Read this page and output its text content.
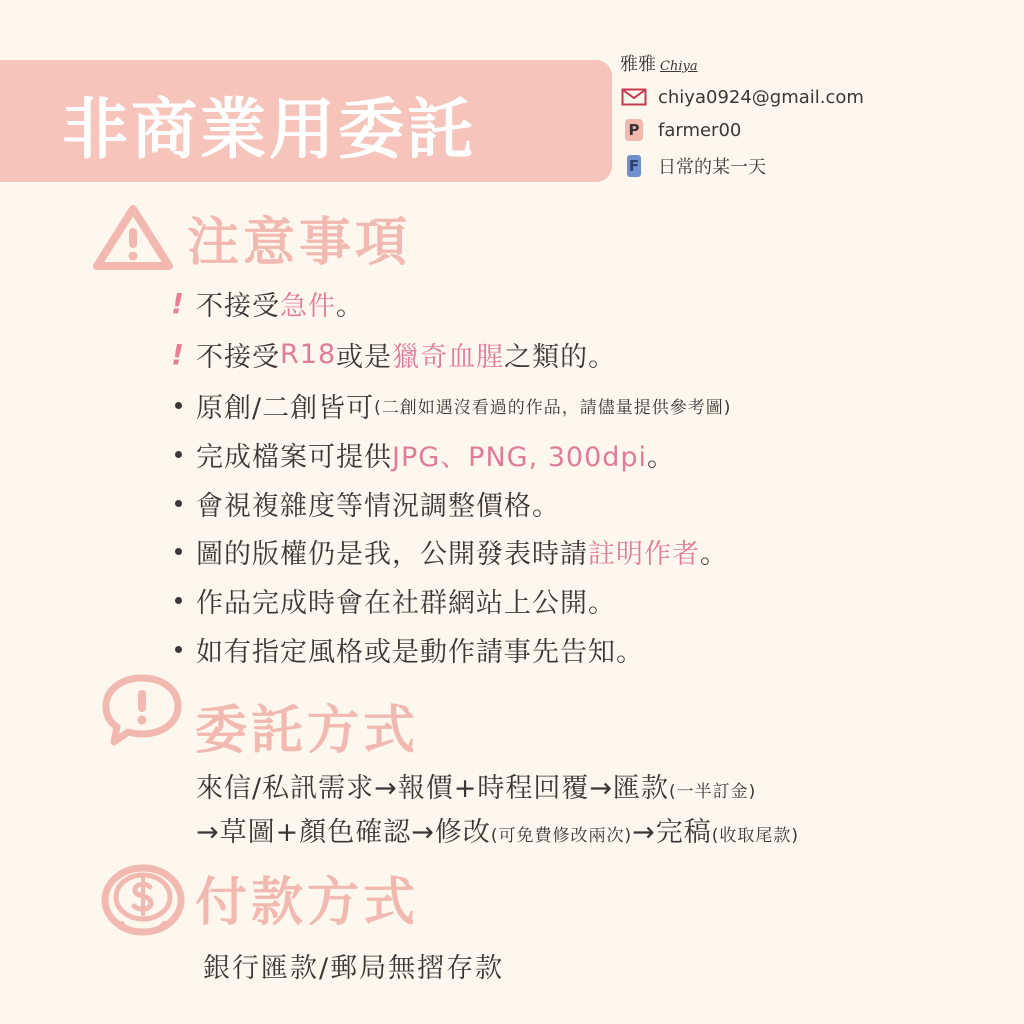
非商業用委託
雅雅 Chiya
chiya0924@gmail.com
P farmer00
F 日常的某一天
注意事項
! 不接受 急件 。
! 不接受 R18 或是 獵奇血腥 之類的。
原創/二創皆可 (二創如遇沒看過的作品，請儘量提供參考圖)
完成檔案可提供 JPG、PNG, 300dpi 。
會視複雜度等情況調整價格。
圖的版權仍是我，公開發表時請 註明作者 。
作品完成時會在社群網站上公開。
如有指定風格或是動作請事先告知。
委託方式
來信/私訊需求→報價+時程回覆→匯款(一半訂金)
→草圖+顏色確認→修改(可免費修改兩次)→完稿(收取尾款)
付款方式
銀行匯款/郵局無摺存款
